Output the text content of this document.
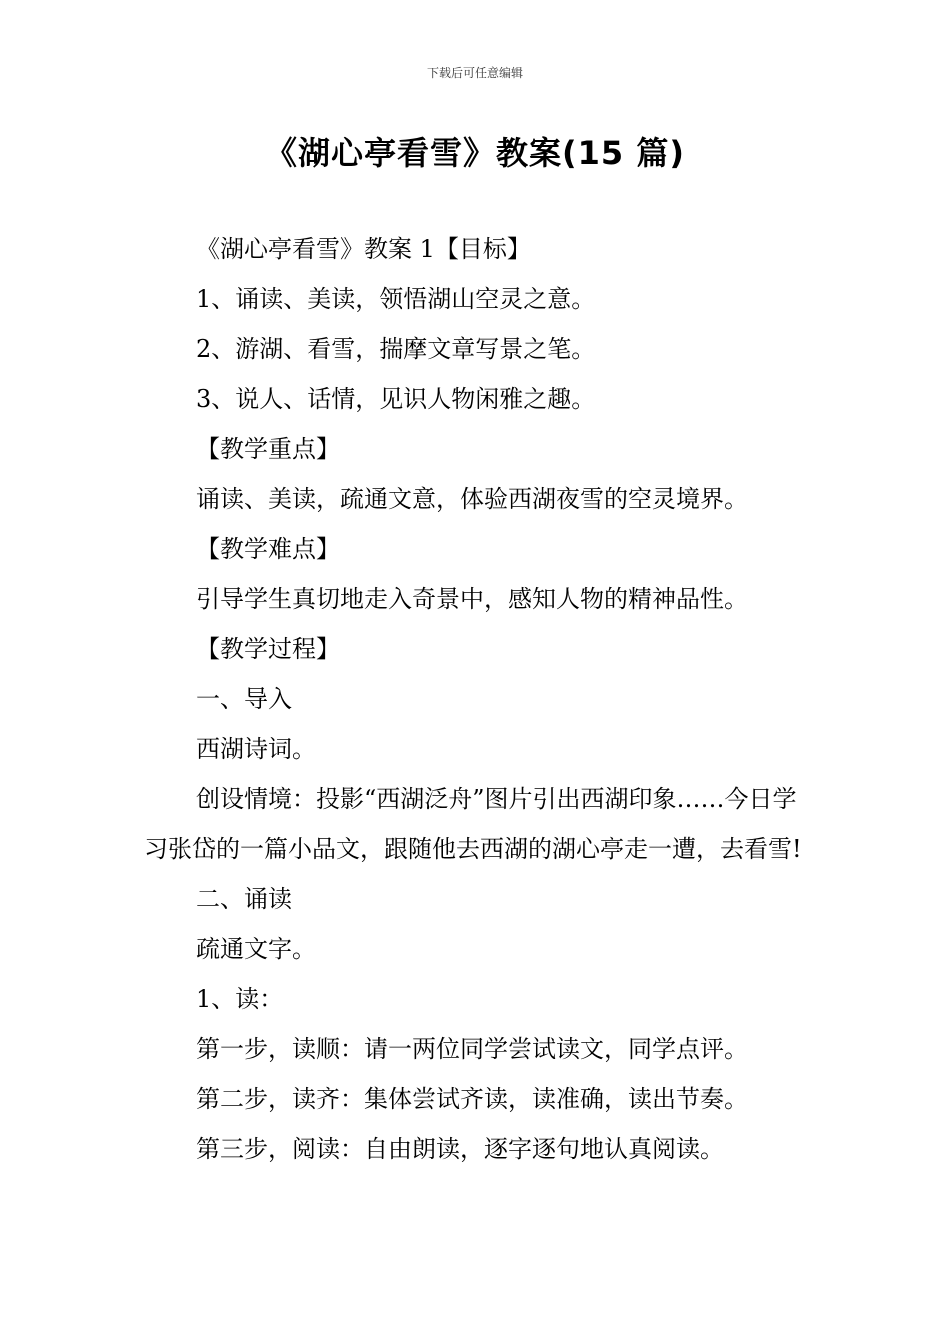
下载后可任意编辑
《湖心亭看雪》教案(15 篇)

《湖心亭看雪》教案 1【目标】

1、诵读、美读，领悟湖山空灵之意。

2、游湖、看雪，揣摩文章写景之笔。

3、说人、话情，见识人物闲雅之趣。

【教学重点】

诵读、美读，疏通文意，体验西湖夜雪的空灵境界。

【教学难点】

引导学生真切地走入奇景中，感知人物的精神品性。

【教学过程】

一、导入

西湖诗词。

创设情境：投影“西湖泛舟”图片引出西湖印象……今日学习张岱的一篇小品文，跟随他去西湖的湖心亭走一遭，去看雪!

二、诵读

疏通文字。

1、读：

第一步，读顺：请一两位同学尝试读文，同学点评。

第二步，读齐：集体尝试齐读，读准确，读出节奏。

第三步，阅读：自由朗读，逐字逐句地认真阅读。
